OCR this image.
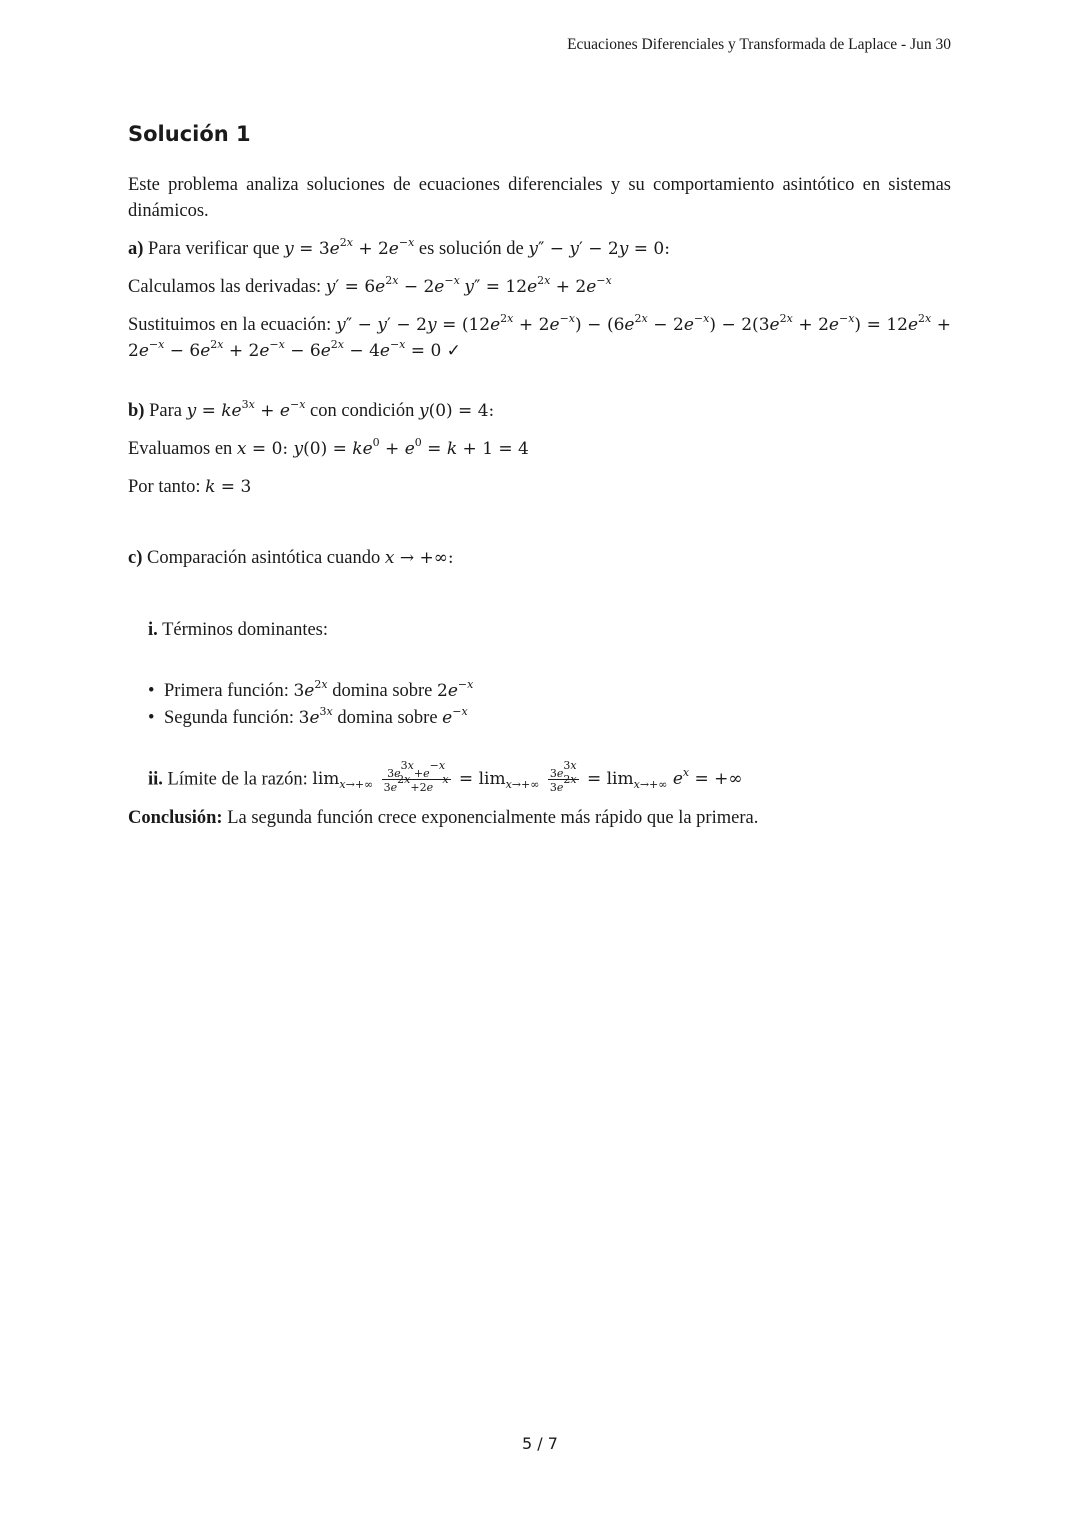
Ecuaciones Diferenciales y Transformada de Laplace - Jun 30
Solución 1

Este problema analiza soluciones de ecuaciones diferenciales y su comportamiento asintótico en sistemas dinámicos.

a) Para verificar que $y = 3e^{2x} + 2e^{-x}$ es solución de y″ − y′ − 2y = 0:

Calculamos las derivadas: $y' = 6e^{2x} - 2e^{-x}$ $y'' = 12e^{2x} + 2e^{-x}$

Sustituimos en la ecuación: $y'' - y' - 2y = (12e^{2x} + 2e^{-x}) - (6e^{2x} - 2e^{-x}) - 2(3e^{2x} + 2e^{-x}) = 12e^{2x} + 2e^{-x} - 6e^{2x} + 2e^{-x} - 6e^{2x} - 4e^{-x} = 0$ ✓

b) Para $y = ke^{3x} + e^{-x}$ con condición y(0) = 4:

Evaluamos en x = 0: $y(0) = ke^0 + e^0 = k + 1 = 4$

Por tanto: k = 3

c) Comparación asintótica cuando x → +∞:

i. Términos dominantes:

• Primera función: $3e^{2x}$ domina sobre $2e^{-x}$
• Segunda función: $3e^{3x}$ domina sobre $e^{-x}$

ii. Límite de la razón: $\lim_{x\to+\infty} \frac{3e^{3x}+e^{-x}}{3e^{2x}+2e^{-x}} = \lim_{x\to+\infty} \frac{3e^{3x}}{3e^{2x}} = \lim_{x\to+\infty} e^x$ = +∞

Conclusión: La segunda función crece exponencialmente más rápido que la primera.

5 / 7
